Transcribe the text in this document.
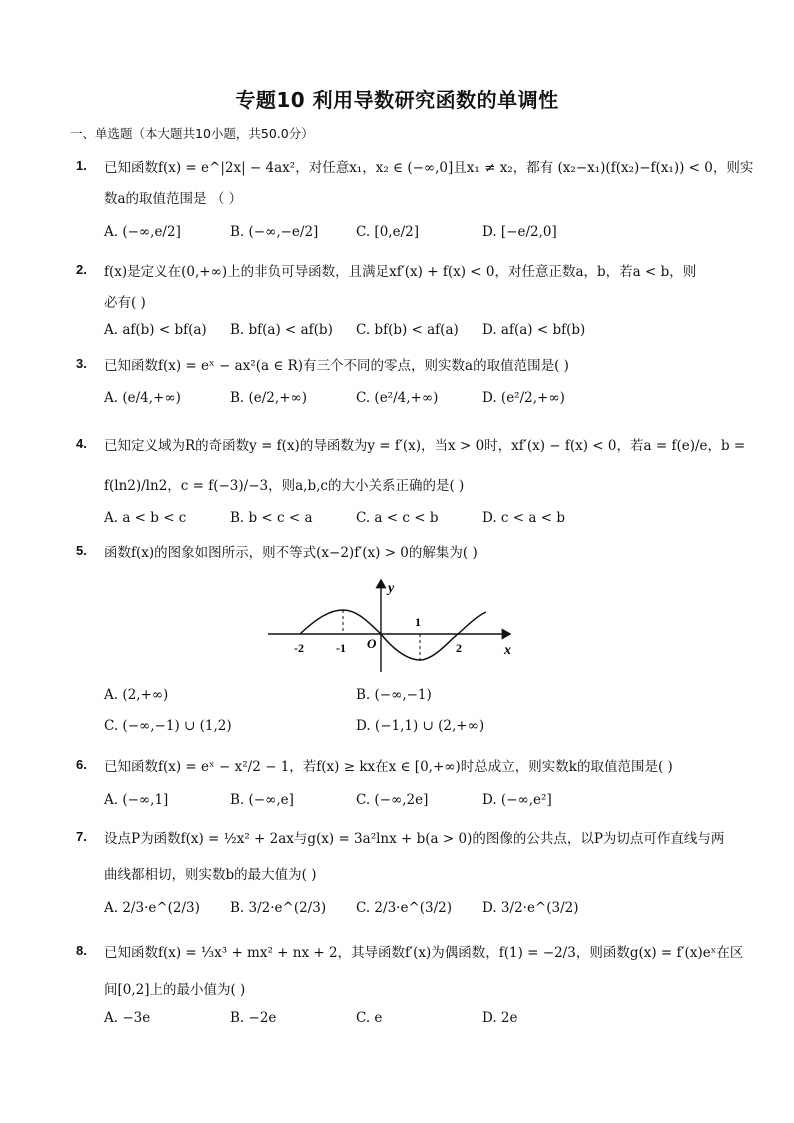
专题10 利用导数研究函数的单调性
一、单选题（本大题共10小题，共50.0分）
1. 已知函数f(x) = e^|2x| − 4ax²，对任意x₁，x₂ ∈ (−∞,0]且x₁ ≠ x₂，都有 (x₂−x₁)(f(x₂)−f(x₁)) < 0，则实
数a的取值范围是 （ ）
A. (−∞,e/2]	B. (−∞,−e/2]	C. [0,e/2]	D. [−e/2,0]
2. f(x)是定义在(0,+∞)上的非负可导函数，且满足xf′(x) + f(x) < 0，对任意正数a，b，若a < b，则
必有( )
A. af(b) < bf(a) B. bf(a) < af(b) C. bf(b) < af(a) D. af(a) < bf(b)
3. 已知函数f(x) = eˣ − ax²(a ∈ R)有三个不同的零点，则实数a的取值范围是( )
A. (e/4,+∞)	B. (e/2,+∞)	C. (e²/4,+∞)	D. (e²/2,+∞)
4. 已知定义域为R的奇函数y = f(x)的导函数为y = f′(x)，当x > 0时，xf′(x) − f(x) < 0，若a = f(e)/e，b =
f(ln2)/ln2，c = f(−3)/−3，则a,b,c的大小关系正确的是( )
A. a < b < c	B. b < c < a	C. a < c < b	D. c < a < b
5. 函数f(x)的图象如图所示，则不等式(x−2)f′(x) > 0的解集为( )
y
x
O
-2	-1
1
2
A. (2,+∞)	B. (−∞,−1)
C. (−∞,−1) ∪ (1,2)	D. (−1,1) ∪ (2,+∞)
6. 已知函数f(x) = eˣ − x²/2 − 1，若f(x) ≥ kx在x ∈ [0,+∞)时总成立，则实数k的取值范围是( )
A. (−∞,1]	B. (−∞,e]	C. (−∞,2e]	D. (−∞,e²]
7. 设点P为函数f(x) = ½x² + 2ax与g(x) = 3a²lnx + b(a > 0)的图像的公共点，以P为切点可作直线与两
曲线都相切，则实数b的最大值为( )
A. 2/3·e^(2/3) B. 3/2·e^(2/3) C. 2/3·e^(3/2) D. 3/2·e^(3/2)
8. 已知函数f(x) = ⅓x³ + mx² + nx + 2，其导函数f′(x)为偶函数，f(1) = −2/3，则函数g(x) = f′(x)eˣ在区
间[0,2]上的最小值为( )
A. −3e	B. −2e	C. e	D. 2e
